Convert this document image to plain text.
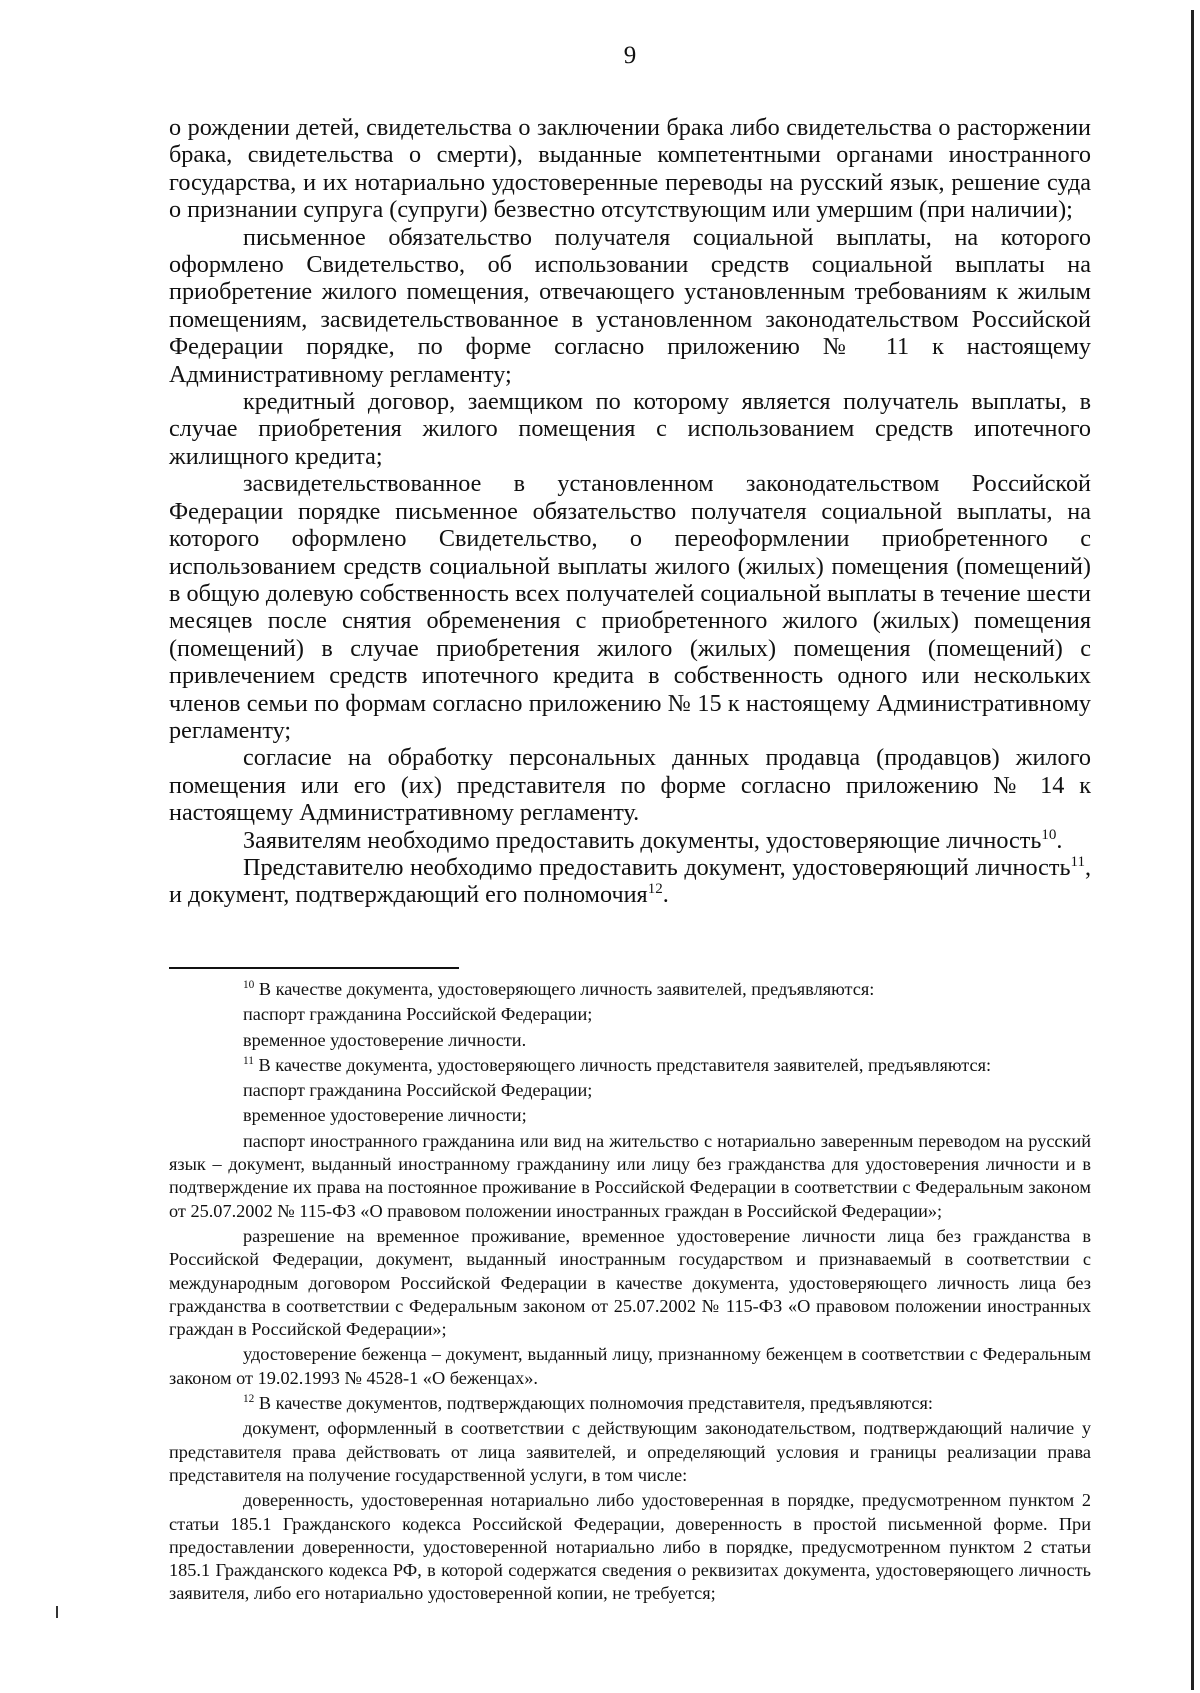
9

о рождении детей, свидетельства о заключении брака либо свидетельства о расторжении брака, свидетельства о смерти), выданные компетентными органами иностранного государства, и их нотариально удостоверенные переводы на русский язык, решение суда о признании супруга (супруги) безвестно отсутствующим или умершим (при наличии);

письменное обязательство получателя социальной выплаты, на которого оформлено Свидетельство, об использовании средств социальной выплаты на приобретение жилого помещения, отвечающего установленным требованиям к жилым помещениям, засвидетельствованное в установленном законодательством Российской Федерации порядке, по форме согласно приложению № 11 к настоящему Административному регламенту;

кредитный договор, заемщиком по которому является получатель выплаты, в случае приобретения жилого помещения с использованием средств ипотечного жилищного кредита;

засвидетельствованное в установленном законодательством Российской Федерации порядке письменное обязательство получателя социальной выплаты, на которого оформлено Свидетельство, о переоформлении приобретенного с использованием средств социальной выплаты жилого (жилых) помещения (помещений) в общую долевую собственность всех получателей социальной выплаты в течение шести месяцев после снятия обременения с приобретенного жилого (жилых) помещения (помещений) в случае приобретения жилого (жилых) помещения (помещений) с привлечением средств ипотечного кредита в собственность одного или нескольких членов семьи по формам согласно приложению № 15 к настоящему Административному регламенту;

согласие на обработку персональных данных продавца (продавцов) жилого помещения или его (их) представителя по форме согласно приложению № 14 к настоящему Административному регламенту.

Заявителям необходимо предоставить документы, удостоверяющие личность$^{10}$.

Представителю необходимо предоставить документ, удостоверяющий личность$^{11}$, и документ, подтверждающий его полномочия$^{12}$.

$^{10}$ В качестве документа, удостоверяющего личность заявителей, предъявляются:

паспорт гражданина Российской Федерации;

временное удостоверение личности.

$^{11}$ В качестве документа, удостоверяющего личность представителя заявителей, предъявляются:

паспорт гражданина Российской Федерации;

временное удостоверение личности;

паспорт иностранного гражданина или вид на жительство с нотариально заверенным переводом на русский язык – документ, выданный иностранному гражданину или лицу без гражданства для удостоверения личности и в подтверждение их права на постоянное проживание в Российской Федерации в соответствии с Федеральным законом от 25.07.2002 № 115-ФЗ «О правовом положении иностранных граждан в Российской Федерации»;

разрешение на временное проживание, временное удостоверение личности лица без гражданства в Российской Федерации, документ, выданный иностранным государством и признаваемый в соответствии с международным договором Российской Федерации в качестве документа, удостоверяющего личность лица без гражданства в соответствии с Федеральным законом от 25.07.2002 № 115-ФЗ «О правовом положении иностранных граждан в Российской Федерации»;

удостоверение беженца – документ, выданный лицу, признанному беженцем в соответствии с Федеральным законом от 19.02.1993 № 4528-1 «О беженцах».

$^{12}$ В качестве документов, подтверждающих полномочия представителя, предъявляются:

документ, оформленный в соответствии с действующим законодательством, подтверждающий наличие у представителя права действовать от лица заявителей, и определяющий условия и границы реализации права представителя на получение государственной услуги, в том числе:

доверенность, удостоверенная нотариально либо удостоверенная в порядке, предусмотренном пунктом 2 статьи 185.1 Гражданского кодекса Российской Федерации, доверенность в простой письменной форме. При предоставлении доверенности, удостоверенной нотариально либо в порядке, предусмотренном пунктом 2 статьи 185.1 Гражданского кодекса РФ, в которой содержатся сведения о реквизитах документа, удостоверяющего личность заявителя, либо его нотариально удостоверенной копии, не требуется;
